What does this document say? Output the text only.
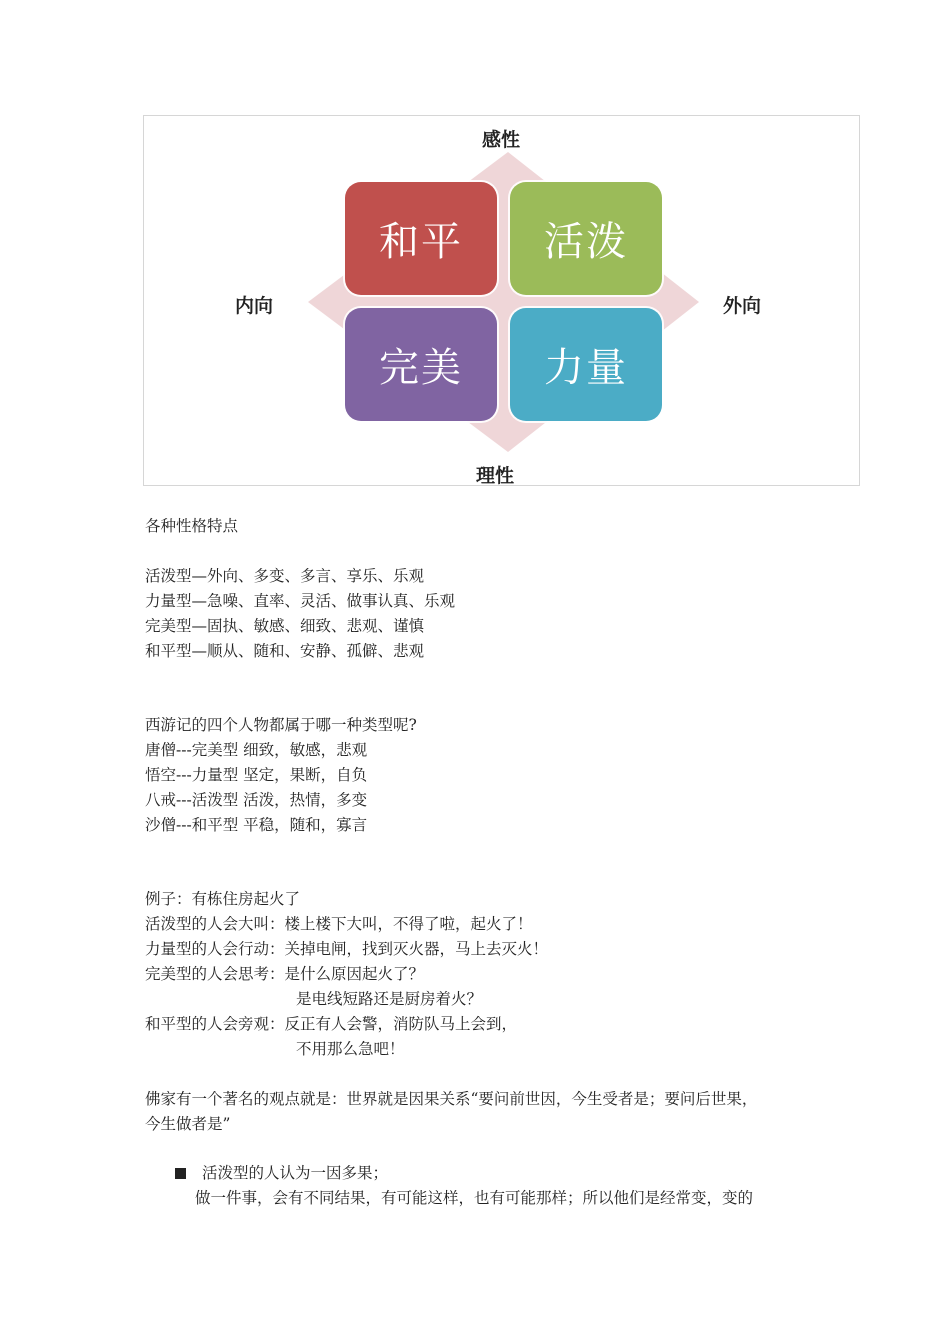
感性
理性
内向	外向
和平	活泼
完美	力量
各种性格特点
活泼型—外向、多变、多言、享乐、乐观
力量型—急噪、直率、灵活、做事认真、乐观
完美型—固执、敏感、细致、悲观、谨慎
和平型—顺从、随和、安静、孤僻、悲观
西游记的四个人物都属于哪一种类型呢?
唐僧---完美型 细致，敏感，悲观
悟空---力量型 坚定，果断，自负
八戒---活泼型 活泼，热情，多变
沙僧---和平型 平稳，随和，寡言
例子：有栋住房起火了
活泼型的人会大叫：楼上楼下大叫，不得了啦，起火了！
力量型的人会行动：关掉电闸，找到灭火器，马上去灭火！
完美型的人会思考：是什么原因起火了？
是电线短路还是厨房着火？
和平型的人会旁观：反正有人会警，消防队马上会到，
不用那么急吧！
佛家有一个著名的观点就是：世界就是因果关系“要问前世因，今生受者是；要问后世果，
今生做者是”
活泼型的人认为一因多果；
做一件事，会有不同结果，有可能这样，也有可能那样；所以他们是经常变，变的
